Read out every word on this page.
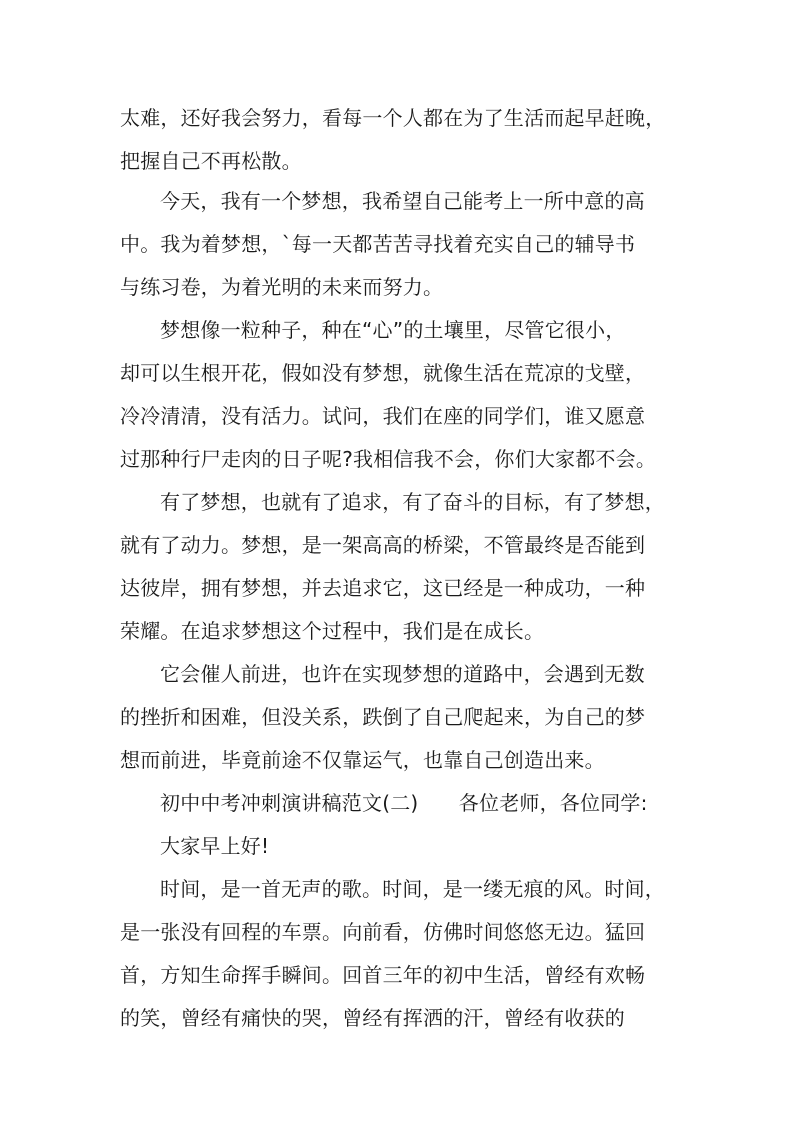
太难，还好我会努力，看每一个人都在为了生活而起早赶晚，
把握自己不再松散。
今天，我有一个梦想，我希望自己能考上一所中意的高
中。我为着梦想，`每一天都苦苦寻找着充实自己的辅导书
与练习卷，为着光明的未来而努力。
梦想像一粒种子，种在“心”的土壤里，尽管它很小，
却可以生根开花，假如没有梦想，就像生活在荒凉的戈壁，
冷冷清清，没有活力。试问，我们在座的同学们，谁又愿意
过那种行尸走肉的日子呢?我相信我不会，你们大家都不会。
有了梦想，也就有了追求，有了奋斗的目标，有了梦想，
就有了动力。梦想，是一架高高的桥梁，不管最终是否能到
达彼岸，拥有梦想，并去追求它，这已经是一种成功，一种
荣耀。在追求梦想这个过程中，我们是在成长。
它会催人前进，也许在实现梦想的道路中，会遇到无数
的挫折和困难，但没关系，跌倒了自己爬起来，为自己的梦
想而前进，毕竟前途不仅靠运气，也靠自己创造出来。
初中中考冲刺演讲稿范文(二)　　各位老师，各位同学:
大家早上好!
时间，是一首无声的歌。时间，是一缕无痕的风。时间，
是一张没有回程的车票。向前看，仿佛时间悠悠无边。猛回
首，方知生命挥手瞬间。回首三年的初中生活，曾经有欢畅
的笑，曾经有痛快的哭，曾经有挥洒的汗，曾经有收获的
